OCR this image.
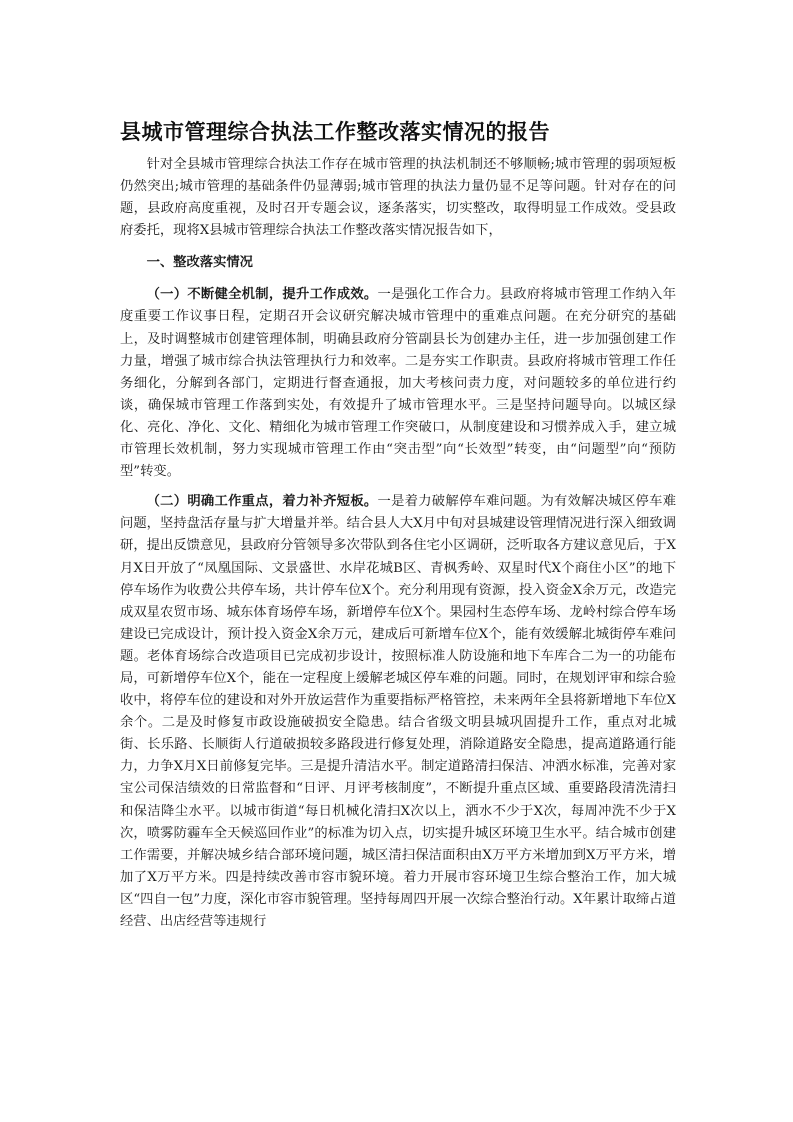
县城市管理综合执法工作整改落实情况的报告

针对全县城市管理综合执法工作存在城市管理的执法机制还不够顺畅;城市管理的弱项短板仍然突出;城市管理的基础条件仍显薄弱;城市管理的执法力量仍显不足等问题。针对存在的问题，县政府高度重视，及时召开专题会议，逐条落实，切实整改，取得明显工作成效。受县政府委托，现将X县城市管理综合执法工作整改落实情况报告如下，

一、整改落实情况

（一）不断健全机制，提升工作成效。一是强化工作合力。县政府将城市管理工作纳入年度重要工作议事日程，定期召开会议研究解决城市管理中的重难点问题。在充分研究的基础上，及时调整城市创建管理体制，明确县政府分管副县长为创建办主任，进一步加强创建工作力量，增强了城市综合执法管理执行力和效率。二是夯实工作职责。县政府将城市管理工作任务细化，分解到各部门，定期进行督查通报，加大考核问责力度，对问题较多的单位进行约谈，确保城市管理工作落到实处，有效提升了城市管理水平。三是坚持问题导向。以城区绿化、亮化、净化、文化、精细化为城市管理工作突破口，从制度建设和习惯养成入手，建立城市管理长效机制，努力实现城市管理工作由“突击型”向“长效型”转变，由“问题型”向“预防型”转变。

（二）明确工作重点，着力补齐短板。一是着力破解停车难问题。为有效解决城区停车难问题，坚持盘活存量与扩大增量并举。结合县人大X月中旬对县城建设管理情况进行深入细致调研，提出反馈意见，县政府分管领导多次带队到各住宅小区调研，泛听取各方建议意见后，于X月X日开放了“凤凰国际、文景盛世、水岸花城B区、青枫秀岭、双星时代X个商住小区”的地下停车场作为收费公共停车场，共计停车位X个。充分利用现有资源，投入资金X余万元，改造完成双星农贸市场、城东体育场停车场，新增停车位X个。果园村生态停车场、龙岭村综合停车场建设已完成设计，预计投入资金X余万元，建成后可新增车位X个，能有效缓解北城街停车难问题。老体育场综合改造项目已完成初步设计，按照标准人防设施和地下车库合二为一的功能布局，可新增停车位X个，能在一定程度上缓解老城区停车难的问题。同时，在规划评审和综合验收中，将停车位的建设和对外开放运营作为重要指标严格管控，未来两年全县将新增地下车位X余个。二是及时修复市政设施破损安全隐患。结合省级文明县城巩固提升工作，重点对北城街、长乐路、长顺街人行道破损较多路段进行修复处理，消除道路安全隐患，提高道路通行能力，力争X月X日前修复完毕。三是提升清洁水平。制定道路清扫保洁、冲洒水标准，完善对家宝公司保洁绩效的日常监督和“日评、月评考核制度”，不断提升重点区域、重要路段清洗清扫和保洁降尘水平。以城市街道“每日机械化清扫X次以上，洒水不少于X次，每周冲洗不少于X次，喷雾防霾车全天候巡回作业”的标准为切入点，切实提升城区环境卫生水平。结合城市创建工作需要，并解决城乡结合部环境问题，城区清扫保洁面积由X万平方米增加到X万平方米，增加了X万平方米。四是持续改善市容市貌环境。着力开展市容环境卫生综合整治工作，加大城区“四自一包”力度，深化市容市貌管理。坚持每周四开展一次综合整治行动。X年累计取缔占道经营、出店经营等违规行
